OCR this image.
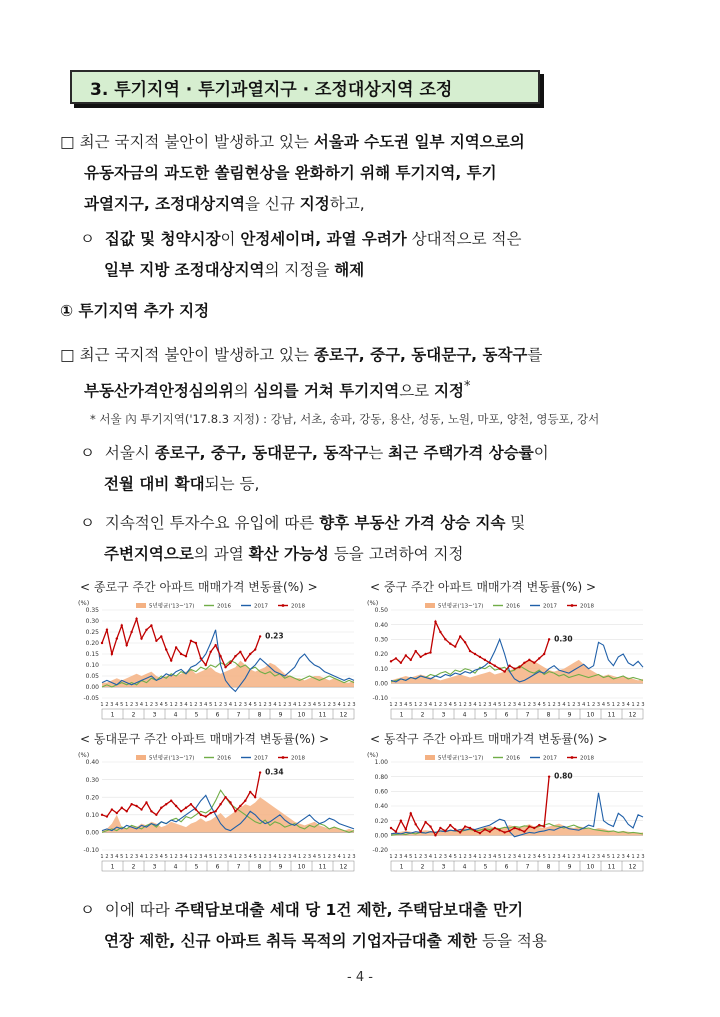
3. 투기지역 · 투기과열지구 · 조정대상지역 조정
□ 최근 국지적 불안이 발생하고 있는 서울과 수도권 일부 지역으로의
유동자금의 과도한 쏠림현상을 완화하기 위해 투기지역, 투기
과열지구, 조정대상지역을 신규 지정하고,
ㅇ 집값 및 청약시장이 안정세이며, 과열 우려가 상대적으로 적은
일부 지방 조정대상지역의 지정을 해제
① 투기지역 추가 지정
□ 최근 국지적 불안이 발생하고 있는 종로구, 중구, 동대문구, 동작구를
부동산가격안정심의위의 심의를 거쳐 투기지역으로 지정*
* 서울 內 투기지역('17.8.3 지정) : 강남, 서초, 송파, 강동, 용산, 성동, 노원, 마포, 양천, 영등포, 강서
ㅇ 서울시 종로구, 중구, 동대문구, 동작구는 최근 주택가격 상승률이
전월 대비 확대되는 등,
ㅇ 지속적인 투자수요 유입에 따른 향후 부동산 가격 상승 지속 및
주변지역으로의 과열 확산 가능성 등을 고려하여 지정
< 종로구 주간 아파트 매매가격 변동률(%) >	< 중구 주간 아파트 매매가격 변동률(%) >
< 동대문구 주간 아파트 매매가격 변동률(%) >	< 동작구 주간 아파트 매매가격 변동률(%) >
(%)
0.35
0.30
0.25
0.20
0.15
0.10
0.05
0.00
-0.05
5년평균('13~'17)	2016	2017	2018
0.23
1 2 3 4 5 1 2 3 4 1 2 3 4 5 1 2 3 4 1 2 3 4 5 1 2 3 4 1 2 3 4 5 1 2 3 4 1 2 3 4 1 2 3 4 5 1 2 3 4 1 2 3
1	2	3	4	5	6	7	8	9	10 11 12
(%)
0.50
0.40
0.30
0.20
0.10
0.00
-0.10
5년평균('13~'17)	2016	2017	2018
0.30
1 2 3 4 5 1 2 3 4 1 2 3 4 5 1 2 3 4 1 2 3 4 5 1 2 3 4 1 2 3 4 5 1 2 3 4 1 2 3 4 1 2 3 4 5 1 2 3 4 1 2 3
1	2	3	4	5	6	7	8	9	10 11 12
(%)
0.40
0.30
0.20
0.10
0.00
-0.10
5년평균('13~'17)	2016	2017	2018
0.34
1 2 3 4 5 1 2 3 4 1 2 3 4 5 1 2 3 4 1 2 3 4 5 1 2 3 4 1 2 3 4 5 1 2 3 4 1 2 3 4 1 2 3 4 5 1 2 3 4 1 2 3
1	2	3	4	5	6	7	8	9	10 11 12
(%)
1.00
0.80
0.60
0.40
0.20
0.00
-0.20
5년평균('13~'17)	2016	2017	2018
0.80
1 2 3 4 5 1 2 3 4 1 2 3 4 5 1 2 3 4 1 2 3 4 5 1 2 3 4 1 2 3 4 5 1 2 3 4 1 2 3 4 1 2 3 4 5 1 2 3 4 1 2 3
1	2	3	4	5	6	7	8	9	10 11 12
ㅇ 이에 따라 주택담보대출 세대 당 1건 제한, 주택담보대출 만기
연장 제한, 신규 아파트 취득 목적의 기업자금대출 제한 등을 적용
- 4 -
